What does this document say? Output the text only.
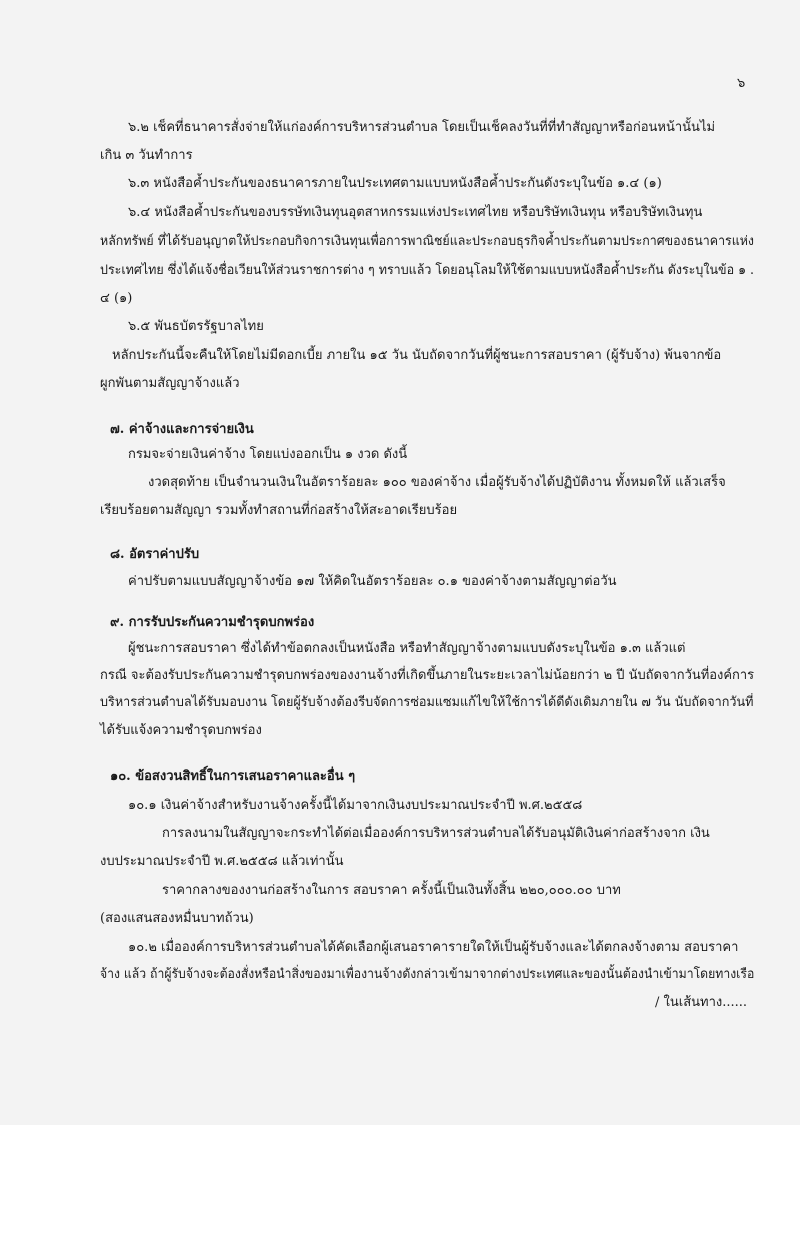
๖
๖.๒ เช็คที่ธนาคารสั่งจ่ายให้แก่องค์การบริหารส่วนตำบล โดยเป็นเช็คลงวันที่ที่ทำสัญญาหรือก่อนหน้านั้นไม่
เกิน ๓ วันทำการ
๖.๓ หนังสือค้ำประกันของธนาคารภายในประเทศตามแบบหนังสือค้ำประกันดังระบุในข้อ ๑.๔ (๑)
๖.๔ หนังสือค้ำประกันของบรรษัทเงินทุนอุตสาหกรรมแห่งประเทศไทย หรือบริษัทเงินทุน หรือบริษัทเงินทุน
หลักทรัพย์ ที่ได้รับอนุญาตให้ประกอบกิจการเงินทุนเพื่อการพาณิชย์และประกอบธุรกิจค้ำประกันตามประกาศของธนาคารแห่ง
ประเทศไทย ซึ่งได้แจ้งชื่อเวียนให้ส่วนราชการต่าง ๆ ทราบแล้ว โดยอนุโลมให้ใช้ตามแบบหนังสือค้ำประกัน ดังระบุในข้อ ๑ .
๔ (๑)
๖.๕ พันธบัตรรัฐบาลไทย
หลักประกันนี้จะคืนให้โดยไม่มีดอกเบี้ย ภายใน ๑๕ วัน นับถัดจากวันที่ผู้ชนะการสอบราคา (ผู้รับจ้าง) พ้นจากข้อ
ผูกพันตามสัญญาจ้างแล้ว
๗. ค่าจ้างและการจ่ายเงิน
กรมจะจ่ายเงินค่าจ้าง โดยแบ่งออกเป็น ๑ งวด ดังนี้
งวดสุดท้าย เป็นจำนวนเงินในอัตราร้อยละ ๑๐๐ ของค่าจ้าง เมื่อผู้รับจ้างได้ปฏิบัติงาน ทั้งหมดให้ แล้วเสร็จ
เรียบร้อยตามสัญญา รวมทั้งทำสถานที่ก่อสร้างให้สะอาดเรียบร้อย
๘. อัตราค่าปรับ
ค่าปรับตามแบบสัญญาจ้างข้อ ๑๗ ให้คิดในอัตราร้อยละ ๐.๑ ของค่าจ้างตามสัญญาต่อวัน
๙. การรับประกันความชำรุดบกพร่อง
ผู้ชนะการสอบราคา ซึ่งได้ทำข้อตกลงเป็นหนังสือ หรือทำสัญญาจ้างตามแบบดังระบุในข้อ ๑.๓ แล้วแต่
กรณี จะต้องรับประกันความชำรุดบกพร่องของงานจ้างที่เกิดขึ้นภายในระยะเวลาไม่น้อยกว่า ๒ ปี นับถัดจากวันที่องค์การ
บริหารส่วนตำบลได้รับมอบงาน โดยผู้รับจ้างต้องรีบจัดการซ่อมแซมแก้ไขให้ใช้การได้ดีดังเดิมภายใน ๗ วัน นับถัดจากวันที่
ได้รับแจ้งความชำรุดบกพร่อง
๑๐. ข้อสงวนสิทธิ์ในการเสนอราคาและอื่น ๆ
๑๐.๑ เงินค่าจ้างสำหรับงานจ้างครั้งนี้ได้มาจากเงินงบประมาณประจำปี พ.ศ.๒๕๕๘
การลงนามในสัญญาจะกระทำได้ต่อเมื่อองค์การบริหารส่วนตำบลได้รับอนุมัติเงินค่าก่อสร้างจาก เงิน
งบประมาณประจำปี พ.ศ.๒๕๕๘ แล้วเท่านั้น
ราคากลางของงานก่อสร้างในการ สอบราคา ครั้งนี้เป็นเงินทั้งสิ้น ๒๒๐,๐๐๐.๐๐ บาท
(สองแสนสองหมื่นบาทถ้วน)
๑๐.๒ เมื่อองค์การบริหารส่วนตำบลได้คัดเลือกผู้เสนอราคารายใดให้เป็นผู้รับจ้างและได้ตกลงจ้างตาม สอบราคา
จ้าง แล้ว ถ้าผู้รับจ้างจะต้องสั่งหรือนำสิ่งของมาเพื่องานจ้างดังกล่าวเข้ามาจากต่างประเทศและของนั้นต้องนำเข้ามาโดยทางเรือ
/ ในเส้นทาง......
